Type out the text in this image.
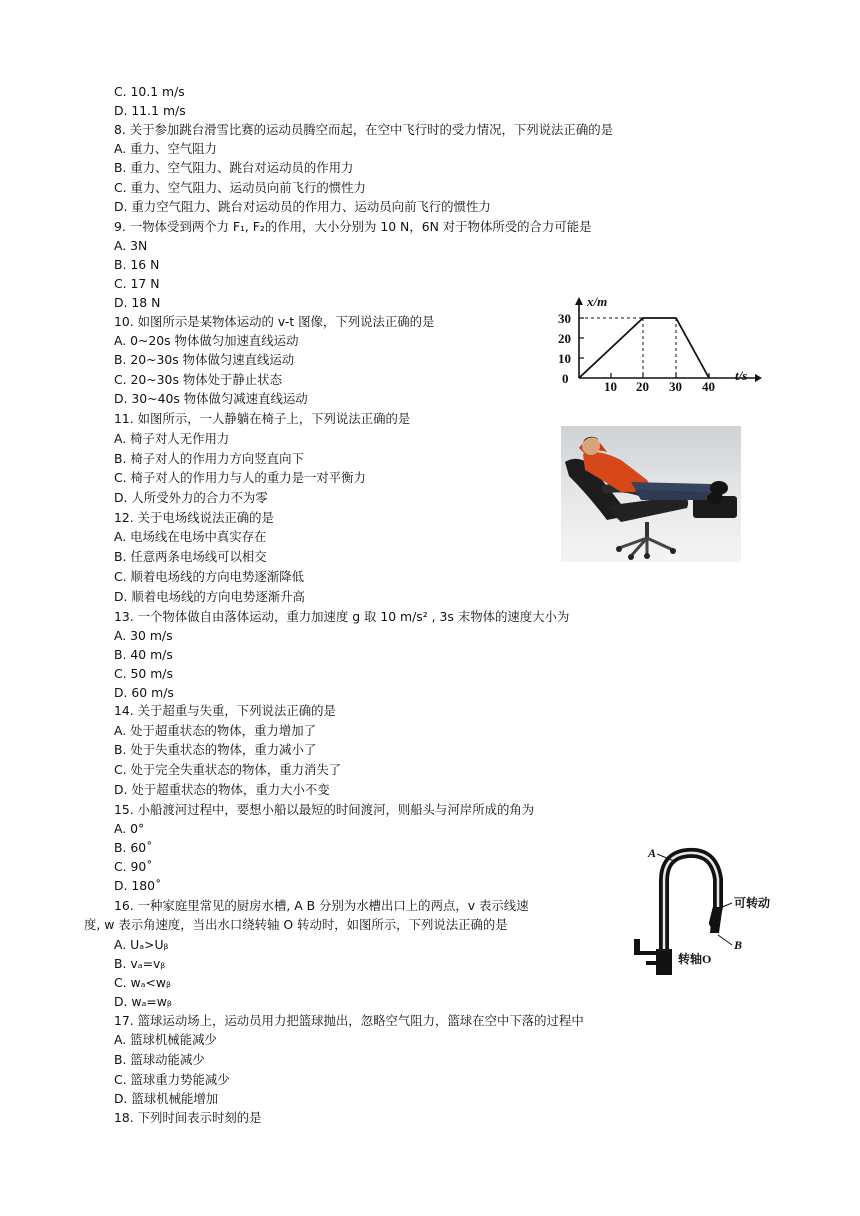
C. 10.1 m/s
D. 11.1 m/s
8. 关于参加跳台滑雪比赛的运动员腾空而起，在空中飞行时的受力情况，下列说法正确的是
A. 重力、空气阻力
B. 重力、空气阻力、跳台对运动员的作用力
C. 重力、空气阻力、运动员向前飞行的惯性力
D. 重力空气阻力、跳台对运动员的作用力、运动员向前飞行的惯性力
9. 一物体受到两个力 F₁, F₂的作用，大小分别为 10 N，6N 对于物体所受的合力可能是
A. 3N
B. 16 N
C. 17 N
D. 18 N
10. 如图所示是某物体运动的 v-t 图像，下列说法正确的是
A. 0~20s 物体做匀加速直线运动
B. 20~30s 物体做匀速直线运动
C. 20~30s 物体处于静止状态
D. 30~40s 物体做匀减速直线运动
11. 如图所示，一人静躺在椅子上，下列说法正确的是
A. 椅子对人无作用力
B. 椅子对人的作用力方向竖直向下
C. 椅子对人的作用力与人的重力是一对平衡力
D. 人所受外力的合力不为零
12. 关于电场线说法正确的是
A. 电场线在电场中真实存在
B. 任意两条电场线可以相交
C. 顺着电场线的方向电势逐渐降低
D. 顺着电场线的方向电势逐渐升高
13. 一个物体做自由落体运动，重力加速度 g 取 10 m/s² , 3s 末物体的速度大小为
A. 30 m/s
B. 40 m/s
C. 50 m/s
D. 60 m/s
14. 关于超重与失重，下列说法正确的是
A. 处于超重状态的物体，重力增加了
B. 处于失重状态的物体，重力减小了
C. 处于完全失重状态的物体，重力消失了
D. 处于超重状态的物体，重力大小不变
15. 小船渡河过程中，要想小船以最短的时间渡河，则船头与河岸所成的角为
A. 0°
B. 60˚
C. 90˚
D. 180˚
16. 一种家庭里常见的厨房水槽, A B 分别为水槽出口上的两点，v 表示线速
度, w 表示角速度，当出水口绕转轴 O 转动时，如图所示，下列说法正确的是
A. Uₐ>Uᵦ
B. vₐ=vᵦ
C. wₐ<wᵦ
D. wₐ=wᵦ
17. 篮球运动场上，运动员用力把篮球抛出，忽略空气阻力，篮球在空中下落的过程中
A. 篮球机械能减少
B. 篮球动能减少
C. 篮球重力势能减少
D. 篮球机械能增加
18. 下列时间表示时刻的是
x/m
t/s
0
30
20
10
10 20 30 40
A
可转动
B
转轴O
